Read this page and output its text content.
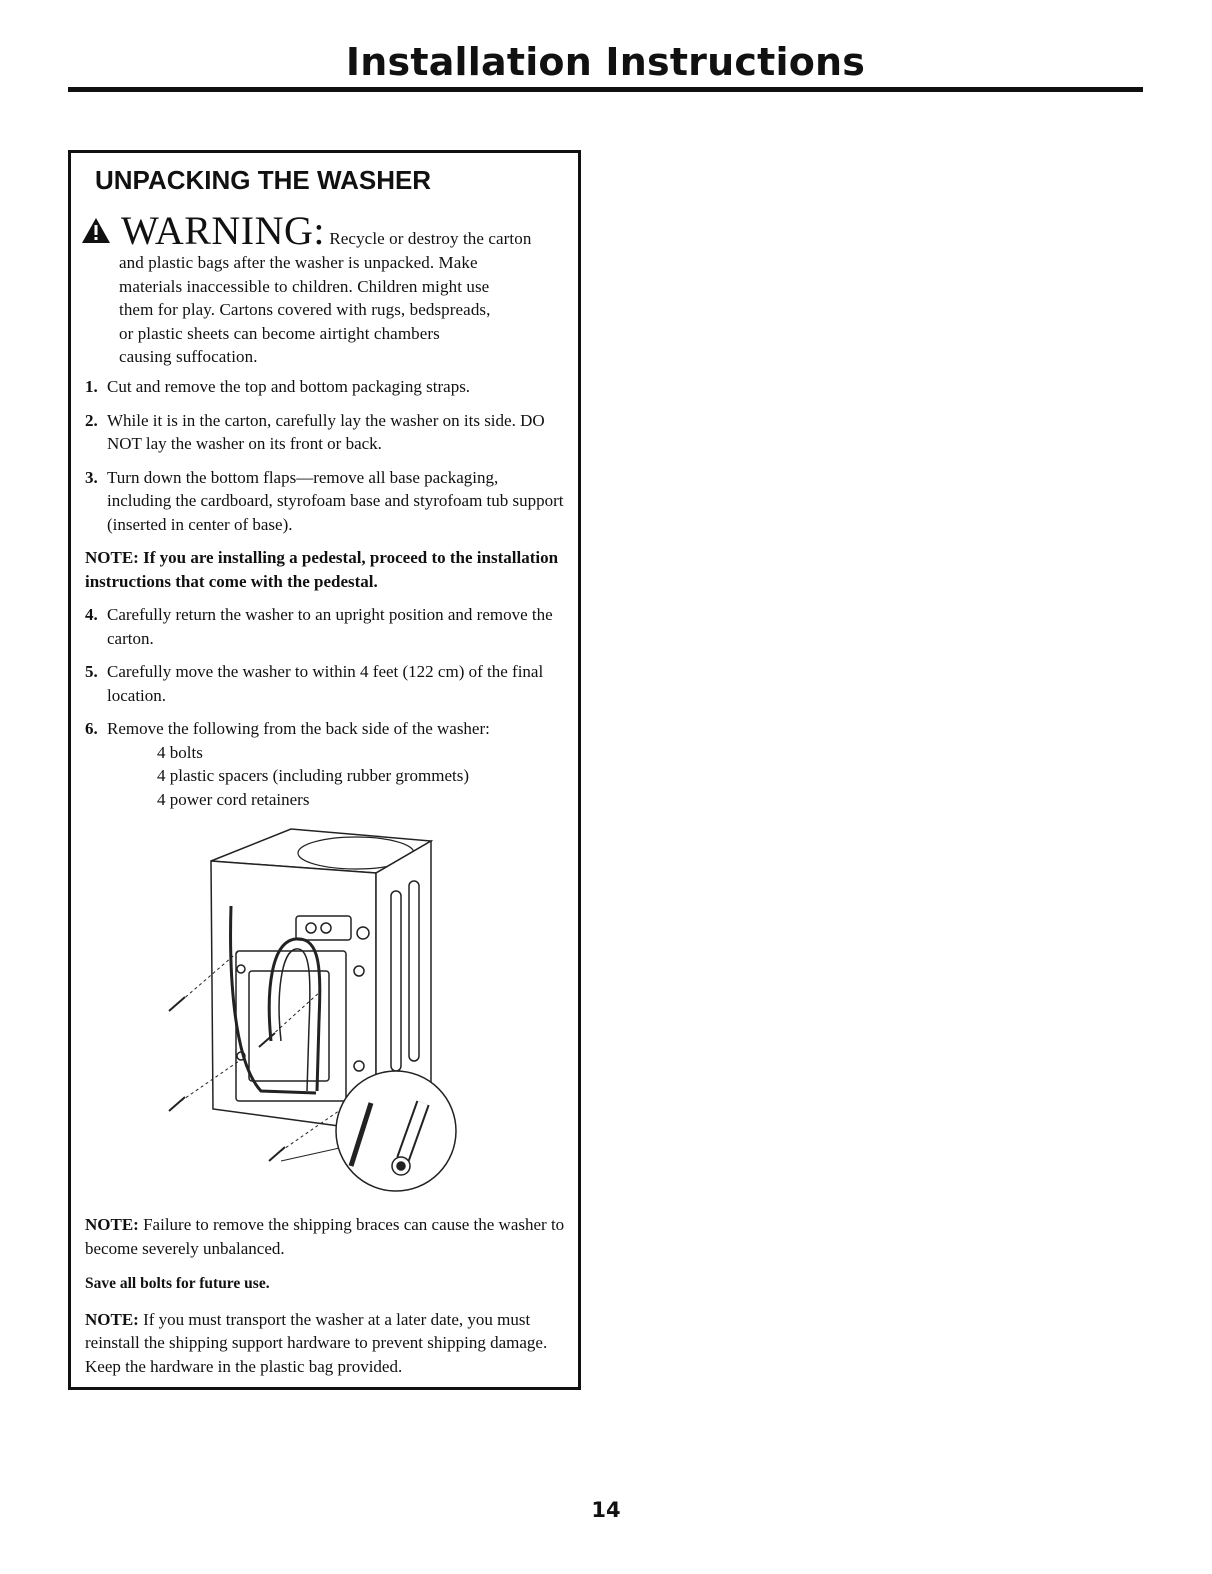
Installation Instructions
UNPACKING THE WASHER
WARNING: Recycle or destroy the carton
and plastic bags after the washer is unpacked. Make
materials inaccessible to children. Children might use
them for play. Cartons covered with rugs, bedspreads,
or plastic sheets can become airtight chambers
causing suffocation.
1. Cut and remove the top and bottom packaging straps.
2. While it is in the carton, carefully lay the washer on its side. DO NOT lay the washer on its front or back.
3. Turn down the bottom flaps—remove all base packaging, including the cardboard, styrofoam base and styrofoam tub support (inserted in center of base).
NOTE: If you are installing a pedestal, proceed to the installation instructions that come with the pedestal.
4. Carefully return the washer to an upright position and remove the carton.
5. Carefully move the washer to within 4 feet (122 cm) of the final location.
6. Remove the following from the back side of the washer:
4 bolts
4 plastic spacers (including rubber grommets)
4 power cord retainers

NOTE: Failure to remove the shipping braces can cause the washer to become severely unbalanced.

Save all bolts for future use.

NOTE: If you must transport the washer at a later date, you must reinstall the shipping support hardware to prevent shipping damage. Keep the hardware in the plastic bag provided.

14
